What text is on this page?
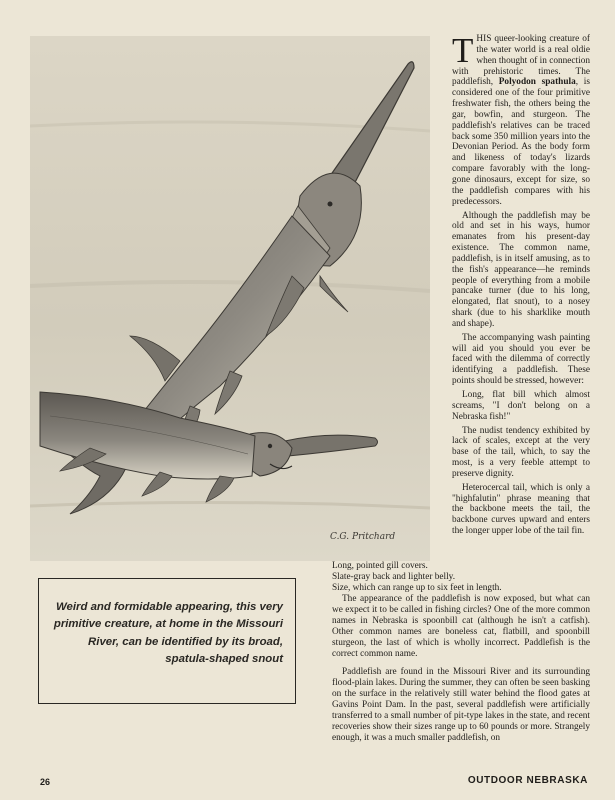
C.G. Pritchard

THIS queer-looking creature of the water world is a real oldie when thought of in connection with prehistoric times. The paddlefish, Polyodon spathula, is considered one of the four primitive freshwater fish, the others being the gar, bowfin, and sturgeon. The paddlefish's relatives can be traced back some 350 million years into the Devonian Period. As the body form and likeness of today's lizards compare favorably with the long-gone dinosaurs, except for size, so the paddlefish compares with his predecessors.

Although the paddlefish may be old and set in his ways, humor emanates from his present-day existence. The common name, paddlefish, is in itself amusing, as to the fish's appearance—he reminds people of everything from a mobile pancake turner (due to his long, elongated, flat snout), to a nosey shark (due to his sharklike mouth and shape).

The accompanying wash painting will aid you should you ever be faced with the dilemma of correctly identifying a paddlefish. These points should be stressed, however:

Long, flat bill which almost screams, "I don't belong on a Nebraska fish!"

The nudist tendency exhibited by lack of scales, except at the very base of the tail, which, to say the most, is a very feeble attempt to preserve dignity.

Heterocercal tail, which is only a "highfalutin" phrase meaning that the backbone meets the tail, the backbone curves upward and enters the longer upper lobe of the tail fin.

Long, pointed gill covers.

Slate-gray back and lighter belly.

Size, which can range up to six feet in length.

The appearance of the paddlefish is now exposed, but what can we expect it to be called in fishing circles? One of the more common names in Nebraska is spoonbill cat (although he isn't a catfish). Other common names are boneless cat, flatbill, and spoonbill sturgeon, the last of which is wholly incorrect. Paddlefish is the correct common name.

Paddlefish are found in the Missouri River and its surrounding flood-plain lakes. During the summer, they can often be seen basking on the surface in the relatively still water behind the flood gates at Gavins Point Dam. In the past, several paddlefish were artificially transferred to a small number of pit-type lakes in the state, and recent recoveries show their sizes range up to 60 pounds or more. Strangely enough, it was a much smaller paddlefish, on

Weird and formidable appearing, this very primitive creature, at home in the Missouri River, can be identified by its broad, spatula-shaped snout
26	OUTDOOR NEBRASKA
